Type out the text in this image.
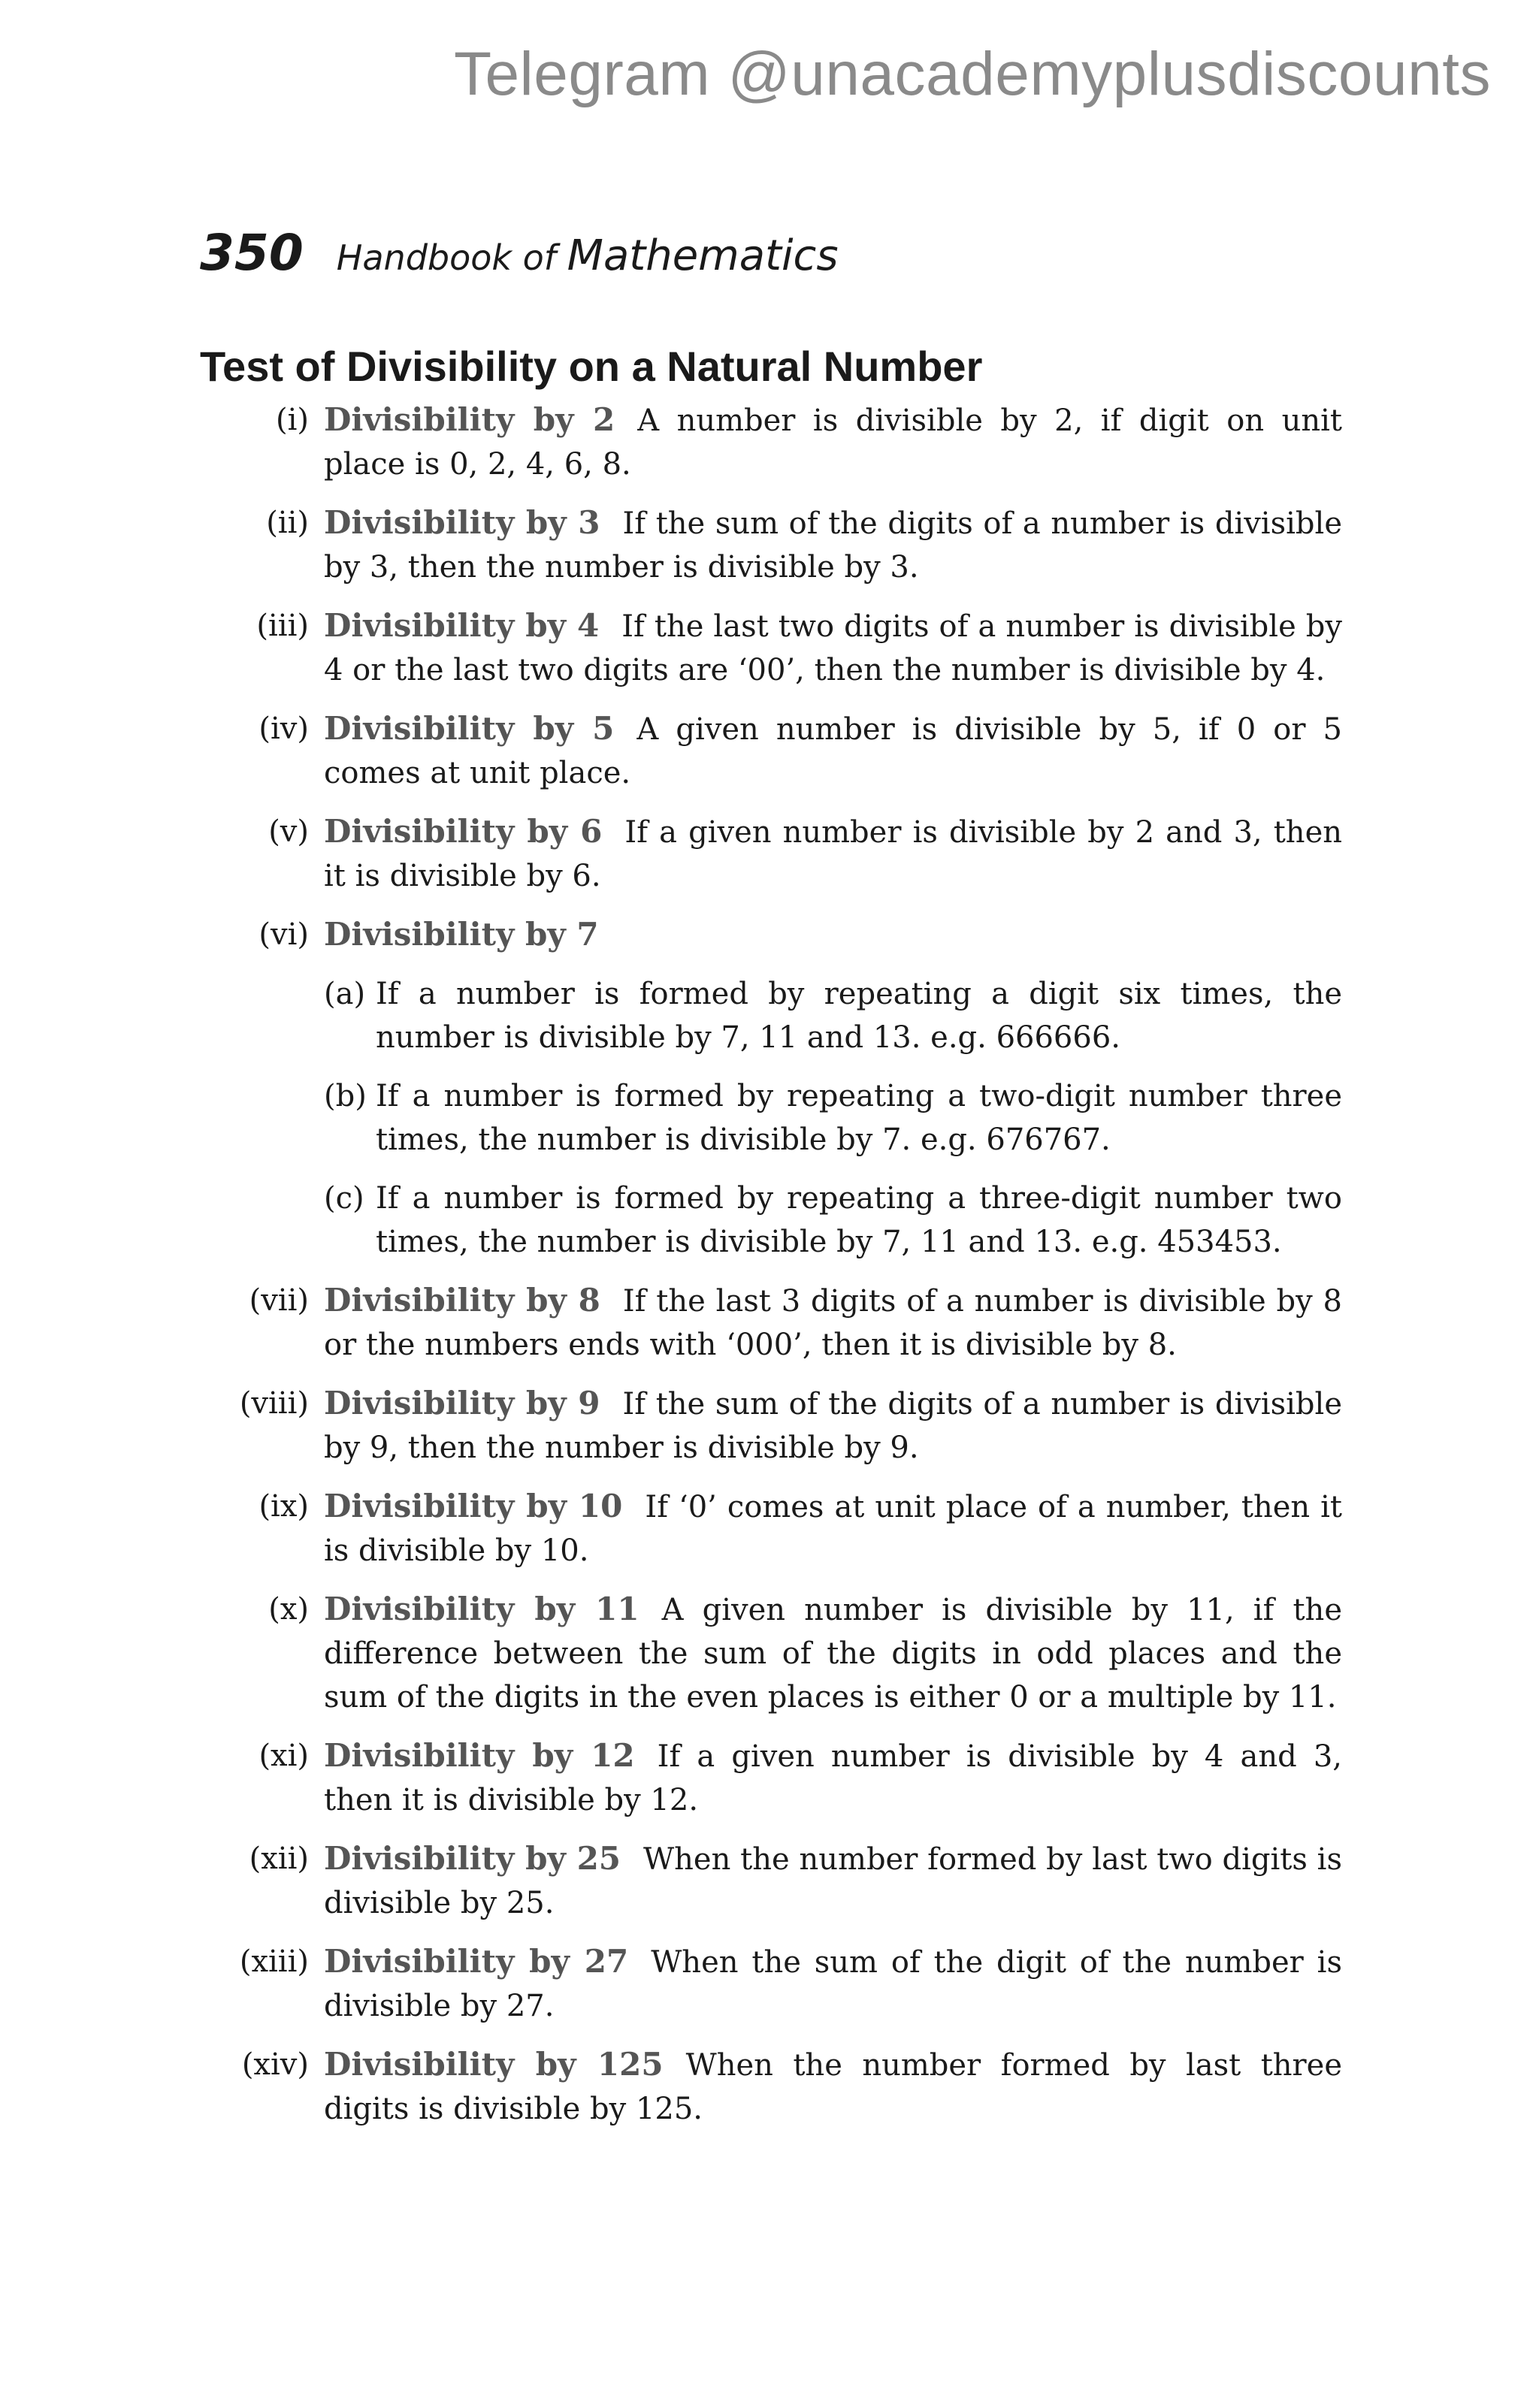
Telegram @unacademyplusdiscounts
350 Handbook of Mathematics
Test of Divisibility on a Natural Number
(i) Divisibility by 2 A number is divisible by 2, if digit on unit place is 0, 2, 4, 6, 8.
(ii) Divisibility by 3 If the sum of the digits of a number is divisible by 3, then the number is divisible by 3.
(iii) Divisibility by 4 If the last two digits of a number is divisible by 4 or the last two digits are ‘00’, then the number is divisible by 4.
(iv) Divisibility by 5 A given number is divisible by 5, if 0 or 5 comes at unit place.
(v) Divisibility by 6 If a given number is divisible by 2 and 3, then it is divisible by 6.
(vi) Divisibility by 7
(a) If a number is formed by repeating a digit six times, the number is divisible by 7, 11 and 13. e.g. 666666.
(b) If a number is formed by repeating a two-digit number three times, the number is divisible by 7. e.g. 676767.
(c) If a number is formed by repeating a three-digit number two times, the number is divisible by 7, 11 and 13. e.g. 453453.
(vii) Divisibility by 8 If the last 3 digits of a number is divisible by 8 or the numbers ends with ‘000’, then it is divisible by 8.
(viii) Divisibility by 9 If the sum of the digits of a number is divisible by 9, then the number is divisible by 9.
(ix) Divisibility by 10 If ‘0’ comes at unit place of a number, then it is divisible by 10.
(x) Divisibility by 11 A given number is divisible by 11, if the difference between the sum of the digits in odd places and the sum of the digits in the even places is either 0 or a multiple by 11.
(xi) Divisibility by 12 If a given number is divisible by 4 and 3, then it is divisible by 12.
(xii) Divisibility by 25 When the number formed by last two digits is divisible by 25.
(xiii) Divisibility by 27 When the sum of the digit of the number is divisible by 27.
(xiv) Divisibility by 125 When the number formed by last three digits is divisible by 125.
